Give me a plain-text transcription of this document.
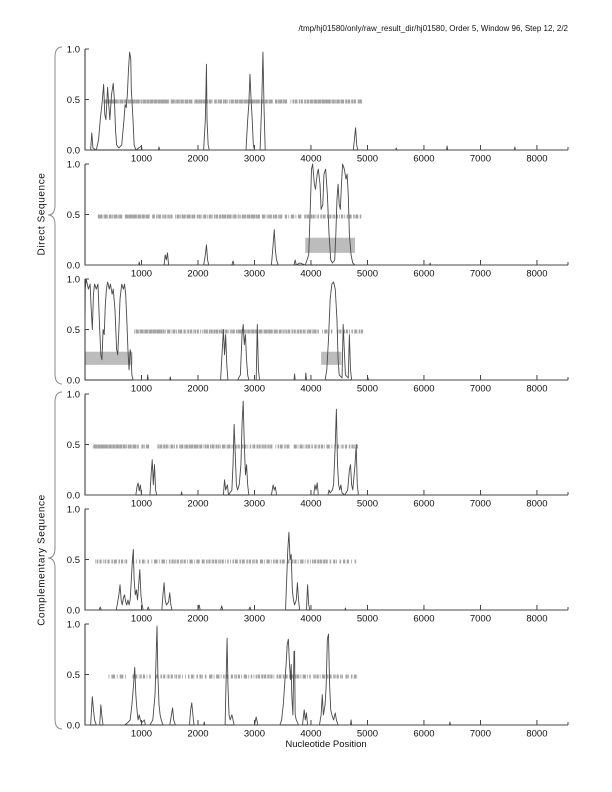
/tmp/hj01580/only/raw_result_dir/hj01580, Order 5, Window 96, Step 12, 2/2
1000	2000	3000	4000	5000	6000	7000	8000
0.0
0.5
1.0
1000	2000	3000	4000	5000	6000	7000	8000
0.0
0.5
1.0
1000	2000	3000	4000	5000	6000	7000	8000
0.0
0.5
1.0
1000	2000	3000	4000	5000	6000	7000	8000
0.0
0.5
1.0
1000	2000	3000	4000	5000	6000	7000	8000
0.0
0.5
1.0
1000	2000	3000	4000	5000	6000	7000	8000
0.0
0.5
1.0
Direct Sequence
Complementary Sequence
Nucleotide Position
